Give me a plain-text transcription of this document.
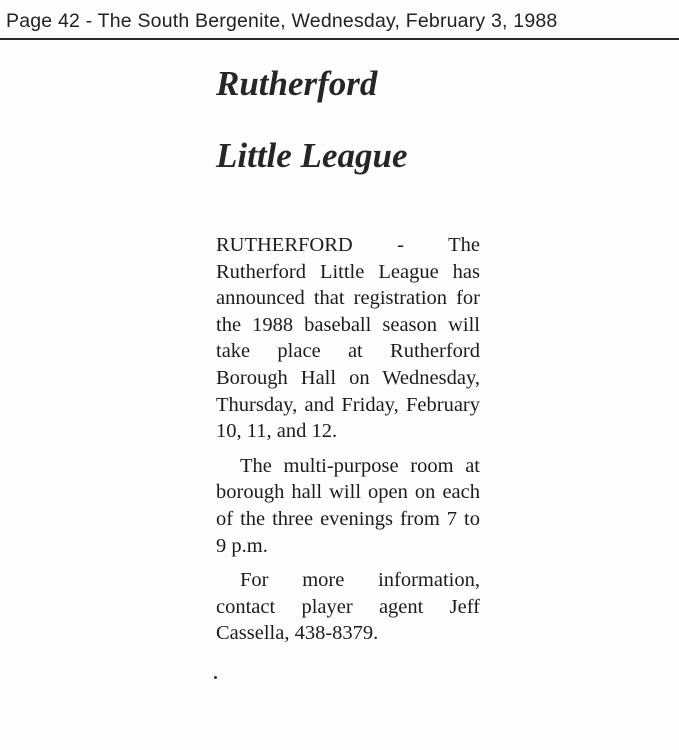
Page 42 - The South Bergenite, Wednesday, February 3, 1988
Rutherford
Little League

RUTHERFORD - The Rutherford Little League has announced that registration for the 1988 baseball season will take place at Rutherford Borough Hall on Wednesday, Thursday, and Friday, February 10, 11, and 12.

The multi-purpose room at borough hall will open on each of the three evenings from 7 to 9 p.m.

For more information, contact player agent Jeff Cassella, 438-8379.
